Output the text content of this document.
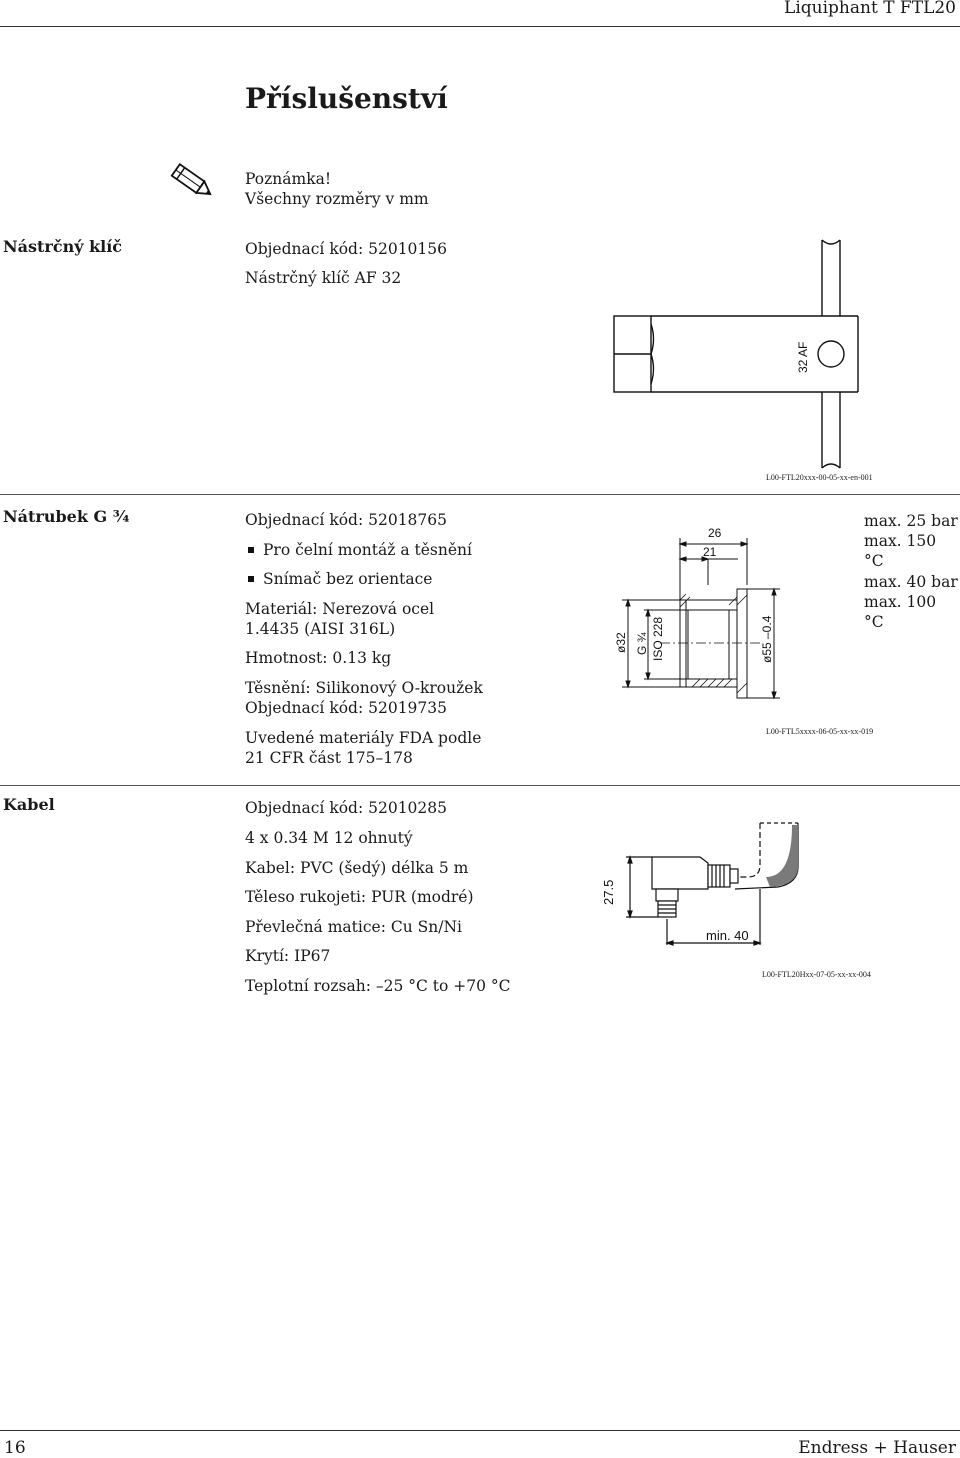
Liquiphant T FTL20
Příslušenství
Poznámka!
Všechny rozměry v mm
Nástrčný klíč	Objednací kód: 52010156
Nástrčný klíč AF 32
32 AF
L00-FTL20xxx-00-05-xx-en-001
Nátrubek G ¾	Objednací kód: 52018765
Pro čelní montáž a těsnění
Snímač bez orientace
Materiál: Nerezová ocel
1.4435 (AISI 316L)
Hmotnost: 0.13 kg
Těsnění: Silikonový O-kroužek
Objednací kód: 52019735
Uvedené materiály FDA podle
21 CFR část 175–178
26
21
ø32 G ¾ ISO 228	ø55 –0.4
max. 25 bar
max. 150 °C
max. 40 bar
max. 100 °C
L00-FTL5xxxx-06-05-xx-xx-019
Kabel	Objednací kód: 52010285
4 x 0.34 M 12 ohnutý
Kabel: PVC (šedý) délka 5 m
Těleso rukojeti: PUR (modré)
Převlečná matice: Cu Sn/Ni
Krytí: IP67
Teplotní rozsah: –25 °C to +70 °C
27.5
min. 40
L00-FTL20Hxx-07-05-xx-xx-004
16	Endress + Hauser
